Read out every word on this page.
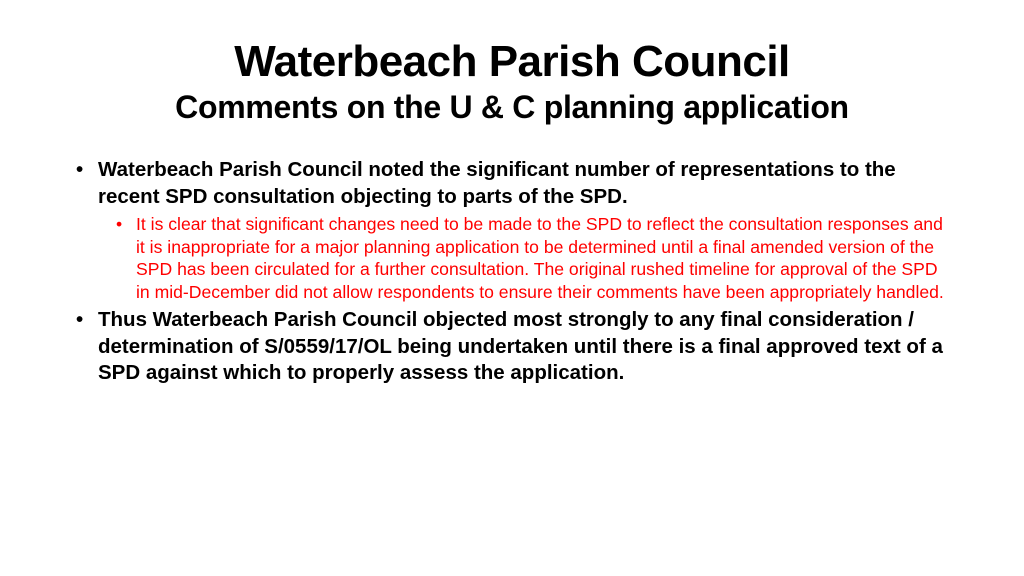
Waterbeach Parish Council
Comments on the U & C planning application
• Waterbeach Parish Council noted the significant number of representations to the recent SPD consultation objecting to parts of the SPD.
• It is clear that significant changes need to be made to the SPD to reflect the consultation responses and it is inappropriate for a major planning application to be determined until a final amended version of the SPD has been circulated for a further consultation. The original rushed timeline for approval of the SPD in mid-December did not allow respondents to ensure their comments have been appropriately handled.
• Thus Waterbeach Parish Council objected most strongly to any final consideration / determination of S/0559/17/OL being undertaken until there is a final approved text of a SPD against which to properly assess the application.
